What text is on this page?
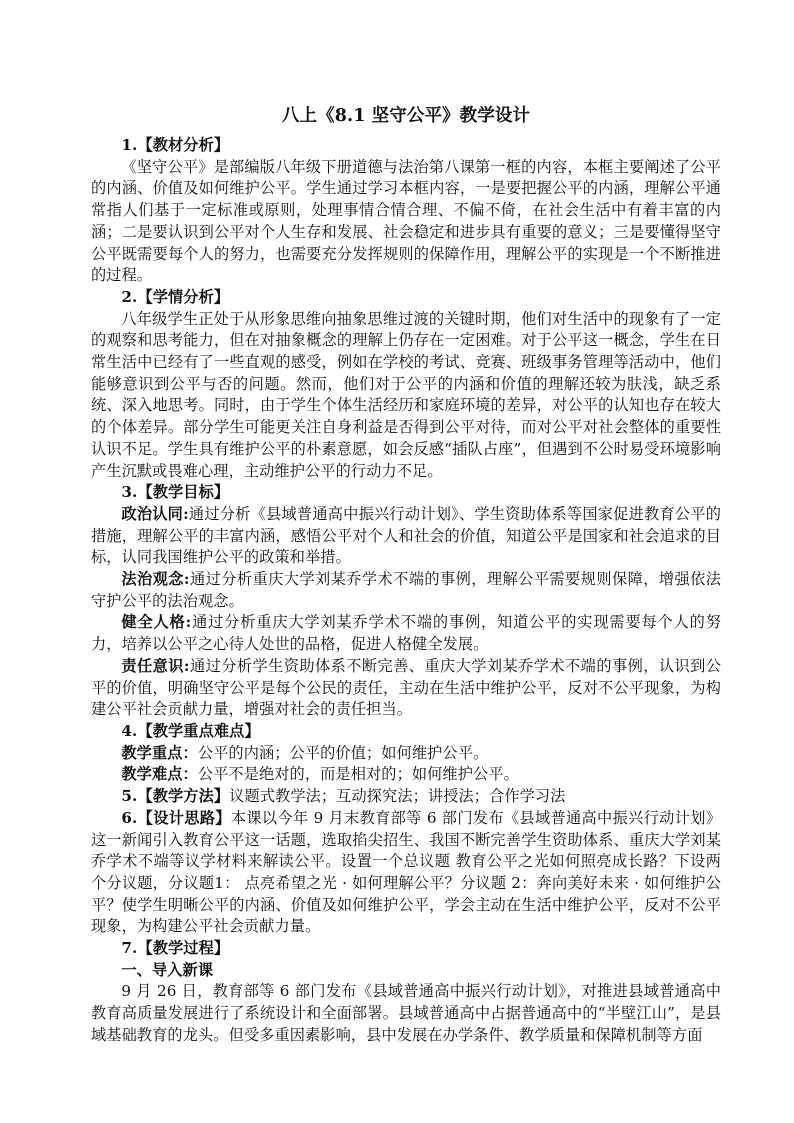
八上《8.1 坚守公平》教学设计

1.【教材分析】

《坚守公平》是部编版八年级下册道德与法治第八课第一框的内容，本框主要阐述了公平的内涵、价值及如何维护公平。学生通过学习本框内容，一是要把握公平的内涵，理解公平通常指人们基于一定标准或原则，处理事情合情合理、不偏不倚，在社会生活中有着丰富的内涵；二是要认识到公平对个人生存和发展、社会稳定和进步具有重要的意义；三是要懂得坚守公平既需要每个人的努力，也需要充分发挥规则的保障作用，理解公平的实现是一个不断推进的过程。

2.【学情分析】

八年级学生正处于从形象思维向抽象思维过渡的关键时期，他们对生活中的现象有了一定的观察和思考能力，但在对抽象概念的理解上仍存在一定困难。对于公平这一概念，学生在日常生活中已经有了一些直观的感受，例如在学校的考试、竞赛、班级事务管理等活动中，他们能够意识到公平与否的问题。然而，他们对于公平的内涵和价值的理解还较为肤浅，缺乏系统、深入地思考。同时，由于学生个体生活经历和家庭环境的差异，对公平的认知也存在较大的个体差异。部分学生可能更关注自身利益是否得到公平对待，而对公平对社会整体的重要性认识不足。学生具有维护公平的朴素意愿，如会反感“插队占座”，但遇到不公时易受环境影响产生沉默或畏难心理，主动维护公平的行动力不足。

3.【教学目标】

政治认同:通过分析《县域普通高中振兴行动计划》、学生资助体系等国家促进教育公平的措施，理解公平的丰富内涵，感悟公平对个人和社会的价值，知道公平是国家和社会追求的目标，认同我国维护公平的政策和举措。

法治观念:通过分析重庆大学刘某乔学术不端的事例，理解公平需要规则保障，增强依法守护公平的法治观念。

健全人格:通过分析重庆大学刘某乔学术不端的事例，知道公平的实现需要每个人的努力，培养以公平之心待人处世的品格，促进人格健全发展。

责任意识:通过分析学生资助体系不断完善、重庆大学刘某乔学术不端的事例，认识到公平的价值，明确坚守公平是每个公民的责任，主动在生活中维护公平，反对不公平现象，为构建公平社会贡献力量，增强对社会的责任担当。

4.【教学重点难点】

教学重点：公平的内涵；公平的价值；如何维护公平。

教学难点：公平不是绝对的，而是相对的；如何维护公平。

5.【教学方法】议题式教学法；互动探究法；讲授法；合作学习法

6.【设计思路】本课以今年 9 月末教育部等 6 部门发布《县域普通高中振兴行动计划》这一新闻引入教育公平这一话题，选取掐尖招生、我国不断完善学生资助体系、重庆大学刘某乔学术不端等议学材料来解读公平。设置一个总议题 教育公平之光如何照亮成长路？下设两个分议题，分议题1： 点亮希望之光 · 如何理解公平？分议题 2：奔向美好未来 · 如何维护公平？使学生明晰公平的内涵、价值及如何维护公平，学会主动在生活中维护公平，反对不公平现象，为构建公平社会贡献力量。

7.【教学过程】

一、导入新课

9 月 26 日，教育部等 6 部门发布《县域普通高中振兴行动计划》，对推进县域普通高中教育高质量发展进行了系统设计和全面部署。县域普通高中占据普通高中的“半壁江山”，是县域基础教育的龙头。但受多重因素影响，县中发展在办学条件、教学质量和保障机制等方面
